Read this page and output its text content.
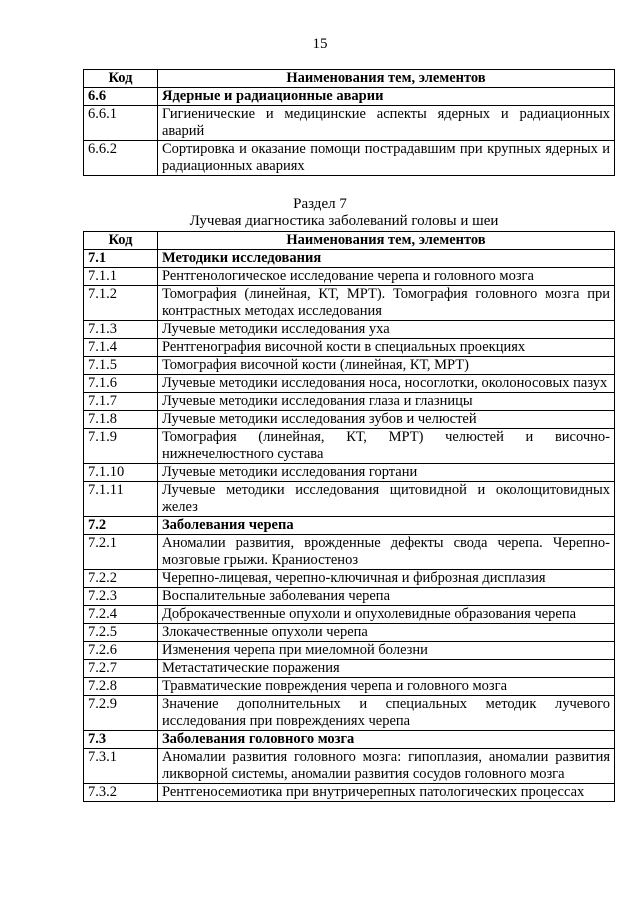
15
Код	Наименования тем, элементов
6.6	Ядерные и радиационные аварии
6.6.1	Гигиенические и медицинские аспекты ядерных и радиационных аварий
6.6.2	Сортировка и оказание помощи пострадавшим при крупных ядерных и радиационных авариях
Раздел 7
Лучевая диагностика заболеваний головы и шеи
Код	Наименования тем, элементов
7.1	Методики исследования
7.1.1	Рентгенологическое исследование черепа и головного мозга
7.1.2	Томография (линейная, КТ, МРТ). Томография головного мозга при контрастных методах исследования
7.1.3	Лучевые методики исследования уха
7.1.4	Рентгенография височной кости в специальных проекциях
7.1.5	Томография височной кости (линейная, КТ, МРТ)
7.1.6	Лучевые методики исследования носа, носоглотки, околоносовых пазух
7.1.7	Лучевые методики исследования глаза и глазницы
7.1.8	Лучевые методики исследования зубов и челюстей
7.1.9	Томография (линейная, КТ, МРТ) челюстей и височно-нижнечелюстного сустава
7.1.10	Лучевые методики исследования гортани
7.1.11	Лучевые методики исследования щитовидной и околощитовидных желез
7.2	Заболевания черепа
7.2.1	Аномалии развития, врожденные дефекты свода черепа. Черепно-мозговые грыжи. Краниостеноз
7.2.2	Черепно-лицевая, черепно-ключичная и фиброзная дисплазия
7.2.3	Воспалительные заболевания черепа
7.2.4	Доброкачественные опухоли и опухолевидные образования черепа
7.2.5	Злокачественные опухоли черепа
7.2.6	Изменения черепа при миеломной болезни
7.2.7	Метастатические поражения
7.2.8	Травматические повреждения черепа и головного мозга
7.2.9	Значение дополнительных и специальных методик лучевого исследования при повреждениях черепа
7.3	Заболевания головного мозга
7.3.1	Аномалии развития головного мозга: гипоплазия, аномалии развития ликворной системы, аномалии развития сосудов головного мозга
7.3.2	Рентгеносемиотика при внутричерепных патологических процессах
